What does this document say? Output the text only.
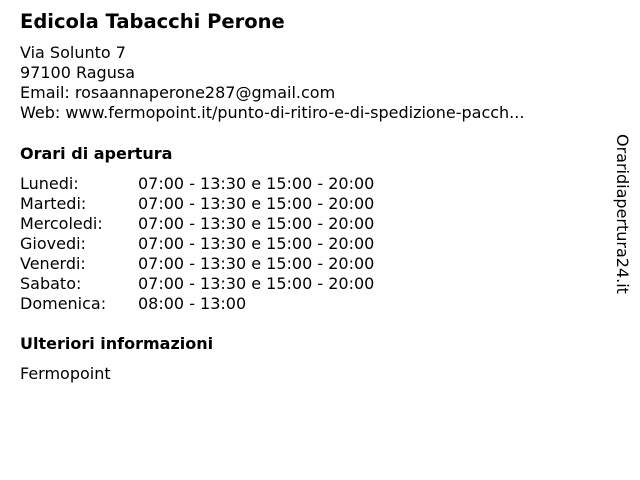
Edicola Tabacchi Perone
Via Solunto 7
97100 Ragusa
Email: rosaannaperone287@gmail.com
Web: www.fermopoint.it/punto-di-ritiro-e-di-spedizione-pacch...
Orari di apertura
Lunedi:	07:00 - 13:30 e 15:00 - 20:00
Martedi:	07:00 - 13:30 e 15:00 - 20:00
Mercoledi: 07:00 - 13:30 e 15:00 - 20:00
Giovedi:	07:00 - 13:30 e 15:00 - 20:00
Venerdi:	07:00 - 13:30 e 15:00 - 20:00
Sabato:	07:00 - 13:30 e 15:00 - 20:00
Domenica: 08:00 - 13:00
Ulteriori informazioni
Fermopoint
Oraridiapertura24.it
